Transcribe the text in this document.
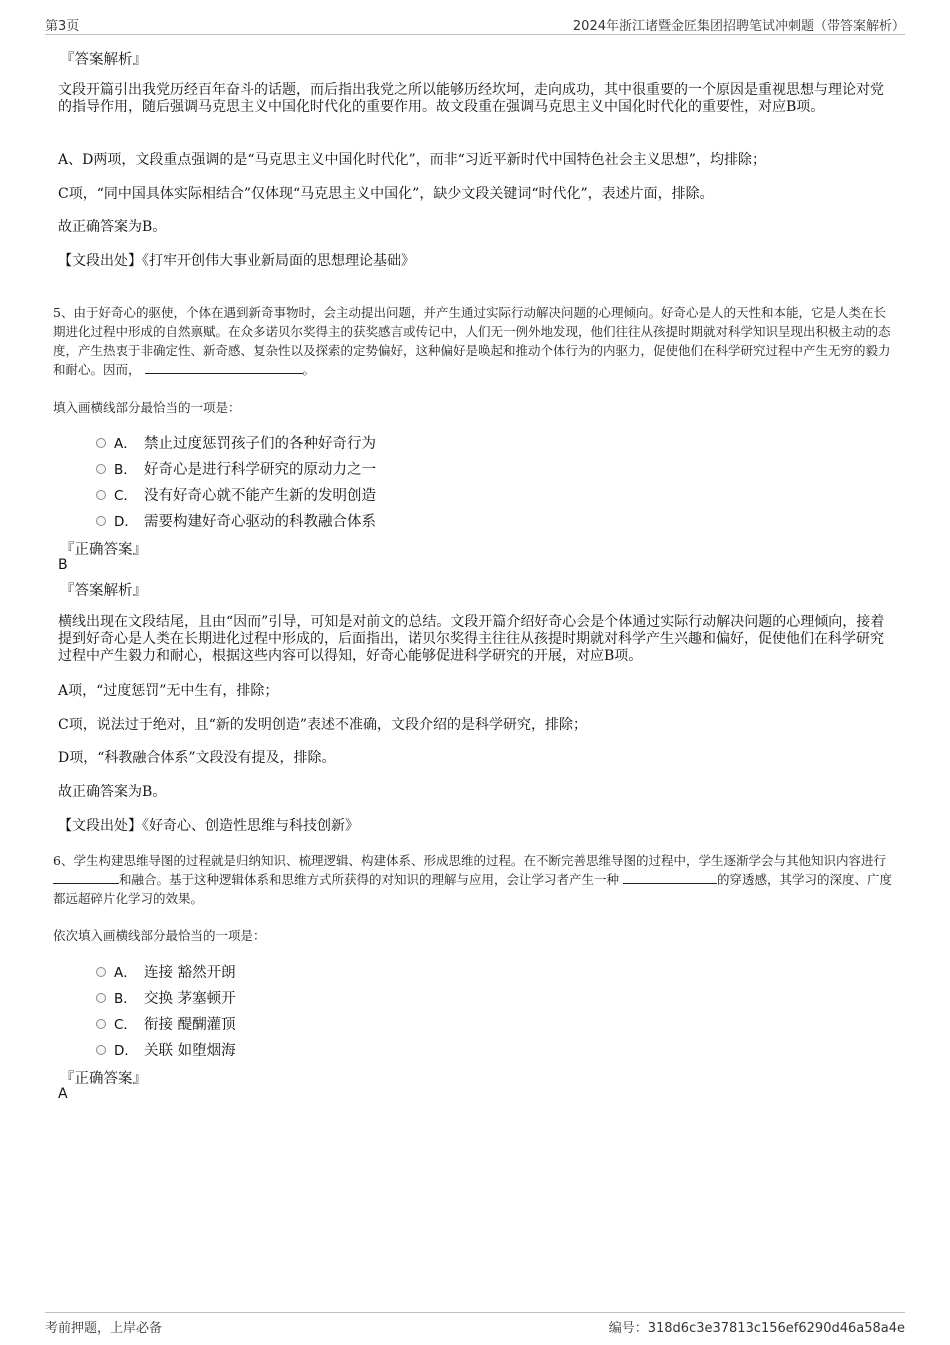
第3页	2024年浙江诸暨金匠集团招聘笔试冲刺题（带答案解析）
『答案解析』
文段开篇引出我党历经百年奋斗的话题，而后指出我党之所以能够历经坎坷，走向成功，其中很重要的一个原因是重视思想与理论对党的指导作用，随后强调马克思主义中国化时代化的重要作用。故文段重在强调马克思主义中国化时代化的重要性，对应B项。
A、D两项，文段重点强调的是“马克思主义中国化时代化”，而非“习近平新时代中国特色社会主义思想”，均排除；
C项，“同中国具体实际相结合”仅体现“马克思主义中国化”，缺少文段关键词“时代化”，表述片面，排除。
故正确答案为B。
【文段出处】《打牢开创伟大事业新局面的思想理论基础》
5、由于好奇心的驱使，个体在遇到新奇事物时，会主动提出问题，并产生通过实际行动解决问题的心理倾向。好奇心是人的天性和本能，它是人类在长期进化过程中形成的自然禀赋。在众多诺贝尔奖得主的获奖感言或传记中，人们无一例外地发现，他们往往从孩提时期就对科学知识呈现出积极主动的态度，产生热衷于非确定性、新奇感、复杂性以及探索的定势偏好，这种偏好是唤起和推动个体行为的内驱力，促使他们在科学研究过程中产生无穷的毅力和耐心。因而，	。
填入画横线部分最恰当的一项是：
A． 禁止过度惩罚孩子们的各种好奇行为
B． 好奇心是进行科学研究的原动力之一
C． 没有好奇心就不能产生新的发明创造
D． 需要构建好奇心驱动的科教融合体系
『正确答案』
B
『答案解析』
横线出现在文段结尾，且由“因而”引导，可知是对前文的总结。文段开篇介绍好奇心会是个体通过实际行动解决问题的心理倾向，接着提到好奇心是人类在长期进化过程中形成的，后面指出，诺贝尔奖得主往往从孩提时期就对科学产生兴趣和偏好，促使他们在科学研究过程中产生毅力和耐心，根据这些内容可以得知，好奇心能够促进科学研究的开展，对应B项。
A项，“过度惩罚”无中生有，排除；
C项，说法过于绝对，且“新的发明创造”表述不准确，文段介绍的是科学研究，排除；
D项，“科教融合体系”文段没有提及，排除。
故正确答案为B。
【文段出处】《好奇心、创造性思维与科技创新》
6、学生构建思维导图的过程就是归纳知识、梳理逻辑、构建体系、形成思维的过程。在不断完善思维导图的过程中，学生逐渐学会与其他知识内容进行 和融合。基于这种逻辑体系和思维方式所获得的对知识的理解与应用，会让学习者产生一种	的穿透感，其学习的深度、广度都远超碎片化学习的效果。
依次填入画横线部分最恰当的一项是：
A． 连接 豁然开朗
B． 交换 茅塞顿开
C． 衔接 醍醐灌顶
D． 关联 如堕烟海
『正确答案』
A
考前押题，上岸必备	编号：318d6c3e37813c156ef6290d46a58a4e
